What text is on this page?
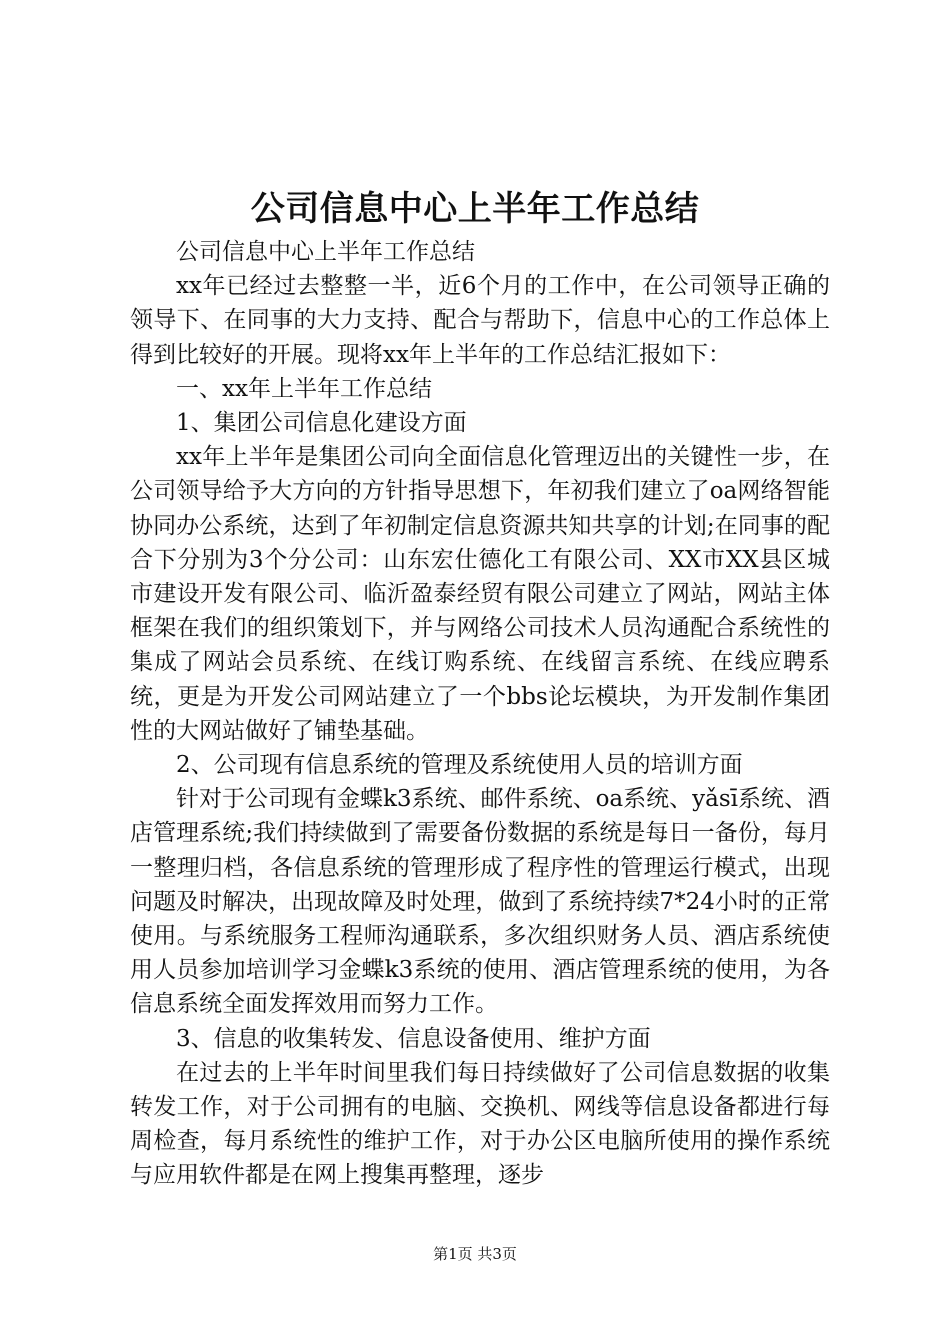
公司信息中心上半年工作总结

公司信息中心上半年工作总结

xx年已经过去整整一半，近6个月的工作中，在公司领导正确的领导下、在同事的大力支持、配合与帮助下，信息中心的工作总体上得到比较好的开展。现将xx年上半年的工作总结汇报如下：

一、xx年上半年工作总结

1、集团公司信息化建设方面

xx年上半年是集团公司向全面信息化管理迈出的关键性一步，在公司领导给予大方向的方针指导思想下，年初我们建立了oa网络智能协同办公系统，达到了年初制定信息资源共知共享的计划;在同事的配合下分别为3个分公司：山东宏仕德化工有限公司、XX市XX县区城市建设开发有限公司、临沂盈泰经贸有限公司建立了网站，网站主体框架在我们的组织策划下，并与网络公司技术人员沟通配合系统性的集成了网站会员系统、在线订购系统、在线留言系统、在线应聘系统，更是为开发公司网站建立了一个bbs论坛模块，为开发制作集团性的大网站做好了铺垫基础。

2、公司现有信息系统的管理及系统使用人员的培训方面

针对于公司现有金蝶k3系统、邮件系统、oa系统、yǎsī系统、酒店管理系统;我们持续做到了需要备份数据的系统是每日一备份，每月一整理归档，各信息系统的管理形成了程序性的管理运行模式，出现问题及时解决，出现故障及时处理，做到了系统持续7*24小时的正常使用。与系统服务工程师沟通联系，多次组织财务人员、酒店系统使用人员参加培训学习金蝶k3系统的使用、酒店管理系统的使用，为各信息系统全面发挥效用而努力工作。

3、信息的收集转发、信息设备使用、维护方面

在过去的上半年时间里我们每日持续做好了公司信息数据的收集转发工作，对于公司拥有的电脑、交换机、网线等信息设备都进行每周检查，每月系统性的维护工作，对于办公区电脑所使用的操作系统与应用软件都是在网上搜集再整理，逐步

第1页 共3页
